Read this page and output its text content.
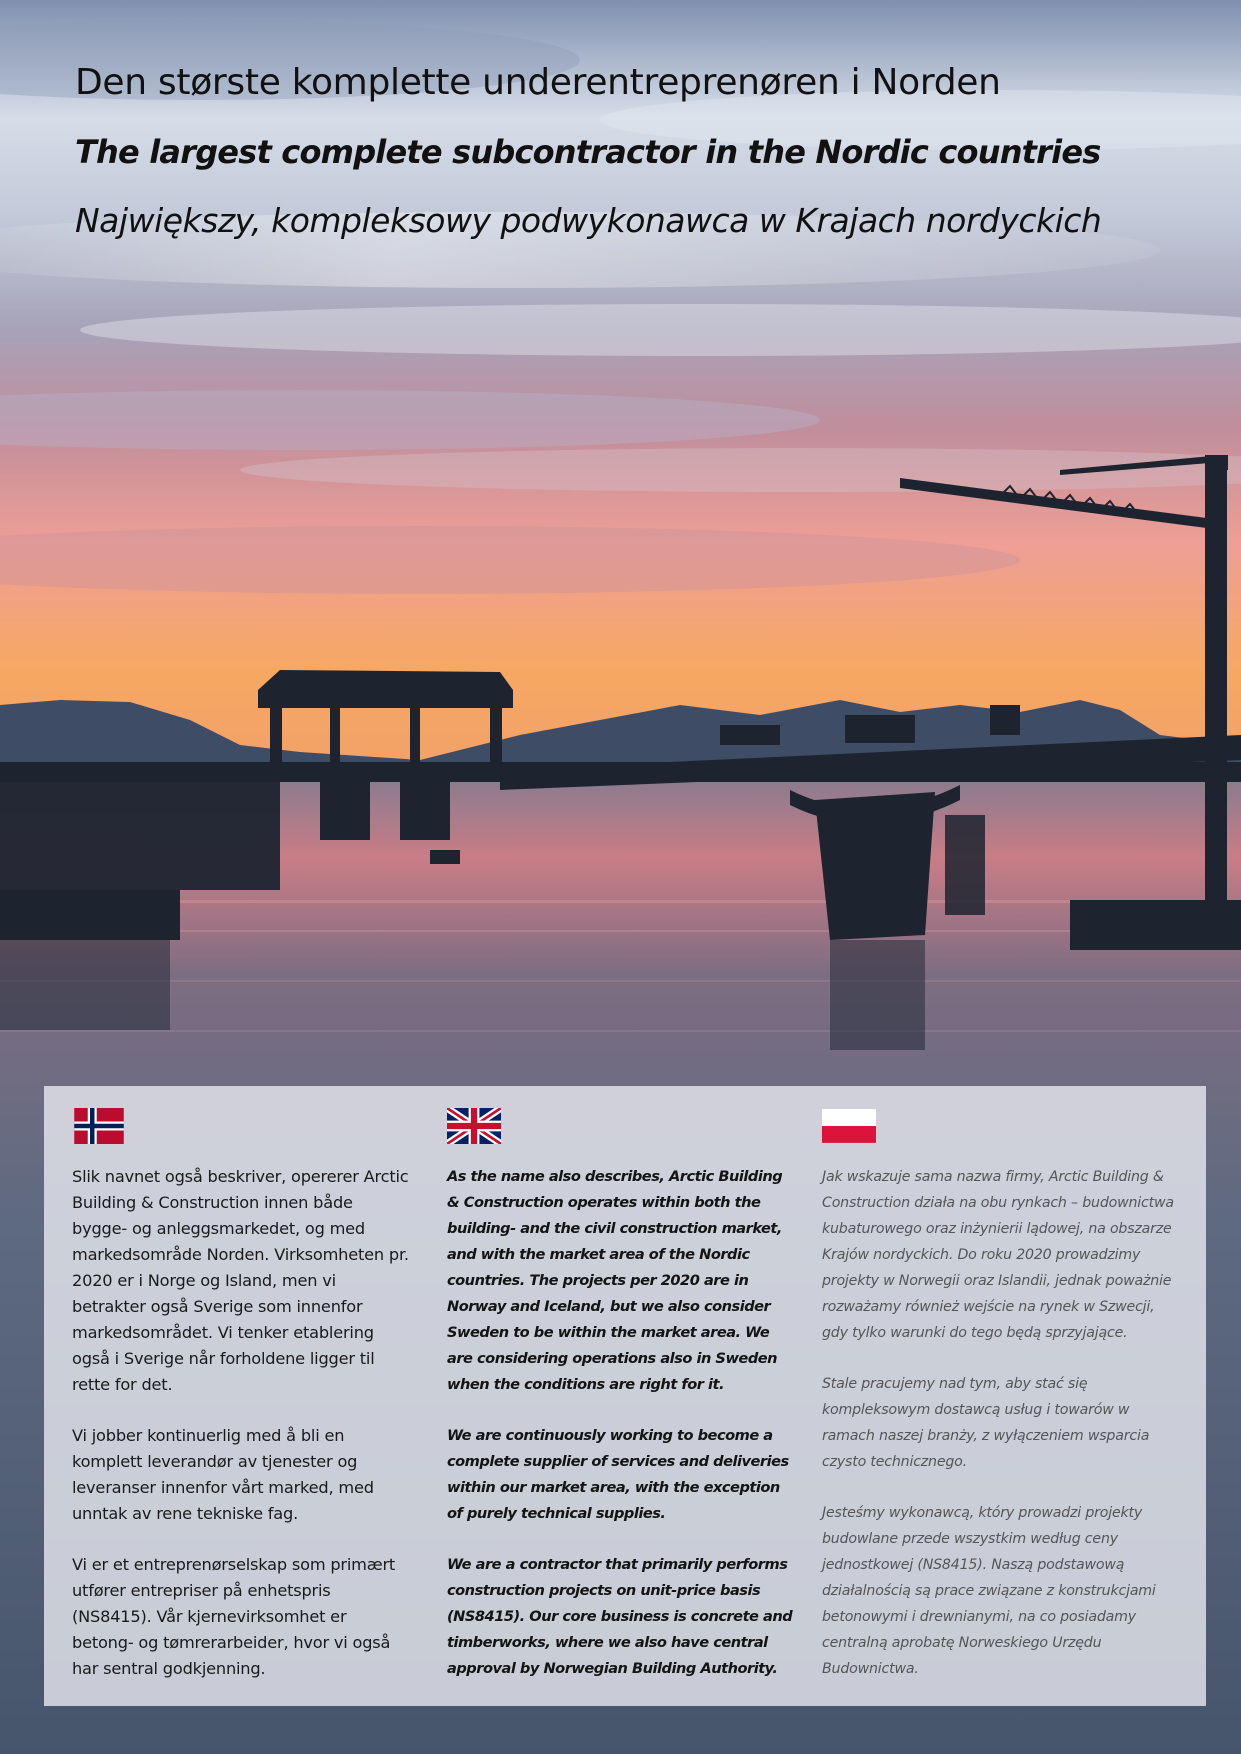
Den største komplette underentreprenøren i Norden
The largest complete subcontractor in the Nordic countries
Największy, kompleksowy podwykonawca w Krajach nordyckich

Slik navnet også beskriver, opererer Arctic Building & Construction innen både bygge- og anleggsmarkedet, og med markedsområde Norden. Virksomheten pr. 2020 er i Norge og Island, men vi betrakter også Sverige som innenfor markedsområdet. Vi tenker etablering også i Sverige når forholdene ligger til rette for det.

Vi jobber kontinuerlig med å bli en komplett leverandør av tjenester og leveranser innenfor vårt marked, med unntak av rene tekniske fag.

Vi er et entreprenørselskap som primært utfører entrepriser på enhetspris (NS8415). Vår kjernevirksomhet er betong- og tømrerarbeider, hvor vi også har sentral godkjenning.

As the name also describes, Arctic Building & Construction operates within both the building- and the civil construction market, and with the market area of the Nordic countries. The projects per 2020 are in Norway and Iceland, but we also consider Sweden to be within the market area. We are considering operations also in Sweden when the conditions are right for it.

We are continuously working to become a complete supplier of services and deliveries within our market area, with the exception of purely technical supplies.

We are a contractor that primarily performs construction projects on unit-price basis (NS8415). Our core business is concrete and timberworks, where we also have central approval by Norwegian Building Authority.

Jak wskazuje sama nazwa firmy, Arctic Building & Construction działa na obu rynkach – budownictwa kubaturowego oraz inżynierii lądowej, na obszarze Krajów nordyckich. Do roku 2020 prowadzimy projekty w Norwegii oraz Islandii, jednak poważnie rozważamy również wejście na rynek w Szwecji, gdy tylko warunki do tego będą sprzyjające.

Stale pracujemy nad tym, aby stać się kompleksowym dostawcą usług i towarów w ramach naszej branży, z wyłączeniem wsparcia czysto technicznego.

Jesteśmy wykonawcą, który prowadzi projekty budowlane przede wszystkim według ceny jednostkowej (NS8415). Naszą podstawową działalnością są prace związane z konstrukcjami betonowymi i drewnianymi, na co posiadamy centralną aprobatę Norweskiego Urzędu Budownictwa.
